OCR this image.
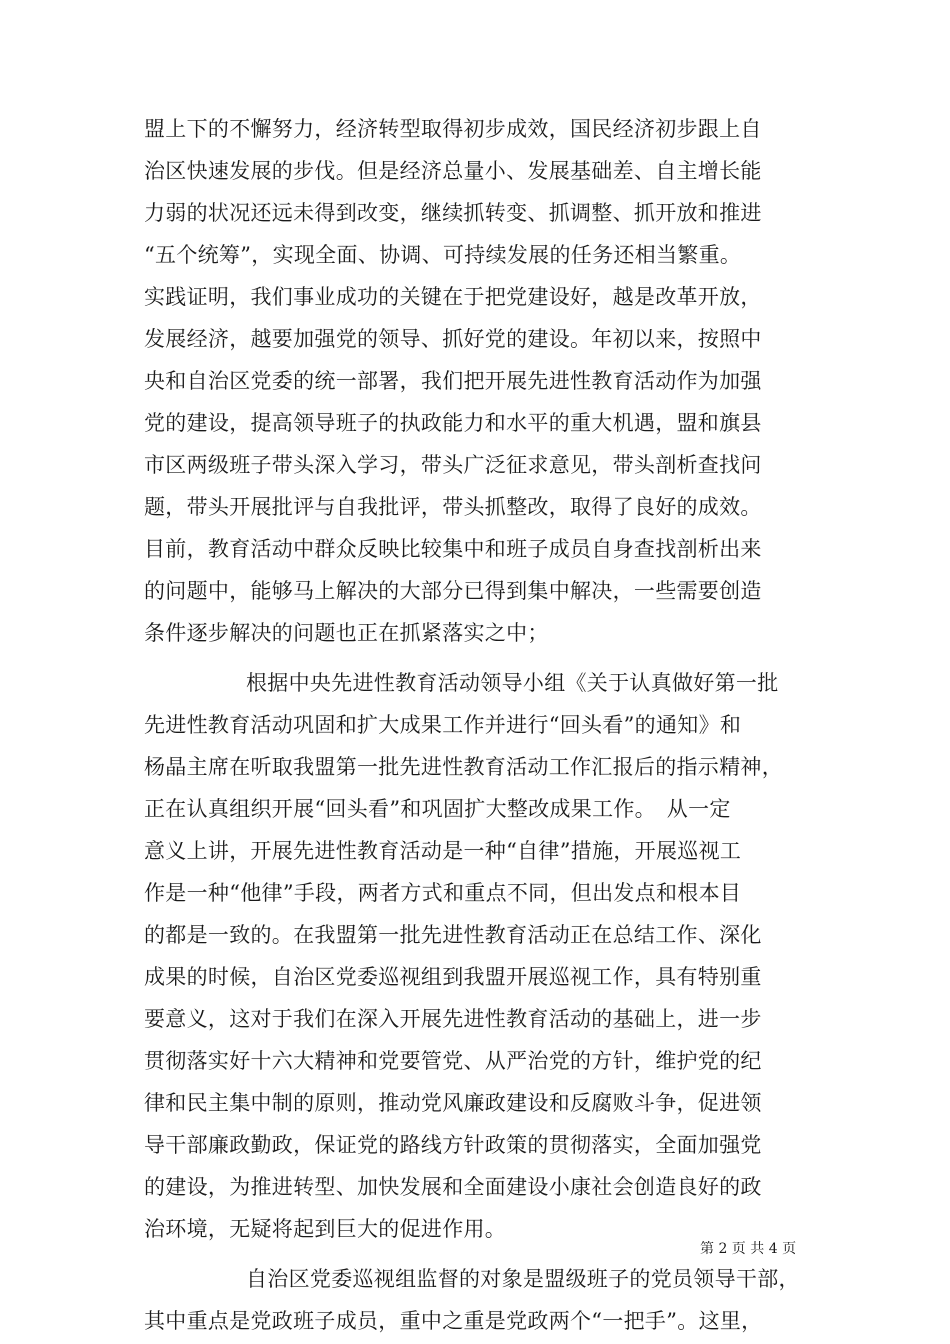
盟上下的不懈努力，经济转型取得初步成效，国民经济初步跟上自
治区快速发展的步伐。但是经济总量小、发展基础差、自主增长能
力弱的状况还远未得到改变，继续抓转变、抓调整、抓开放和推进
“五个统筹”，实现全面、协调、可持续发展的任务还相当繁重。
实践证明，我们事业成功的关键在于把党建设好，越是改革开放，
发展经济，越要加强党的领导、抓好党的建设。年初以来，按照中
央和自治区党委的统一部署，我们把开展先进性教育活动作为加强
党的建设，提高领导班子的执政能力和水平的重大机遇，盟和旗县
市区两级班子带头深入学习，带头广泛征求意见，带头剖析查找问
题，带头开展批评与自我批评，带头抓整改，取得了良好的成效。
目前，教育活动中群众反映比较集中和班子成员自身查找剖析出来
的问题中，能够马上解决的大部分已得到集中解决，一些需要创造
条件逐步解决的问题也正在抓紧落实之中；
根据中央先进性教育活动领导小组《关于认真做好第一批
先进性教育活动巩固和扩大成果工作并进行“回头看”的通知》和
杨晶主席在听取我盟第一批先进性教育活动工作汇报后的指示精神，
正在认真组织开展“回头看”和巩固扩大整改成果工作。　从一定
意义上讲，开展先进性教育活动是一种“自律”措施，开展巡视工
作是一种“他律”手段，两者方式和重点不同，但出发点和根本目
的都是一致的。在我盟第一批先进性教育活动正在总结工作、深化
成果的时候，自治区党委巡视组到我盟开展巡视工作，具有特别重
要意义，这对于我们在深入开展先进性教育活动的基础上，进一步
贯彻落实好十六大精神和党要管党、从严治党的方针，维护党的纪
律和民主集中制的原则，推动党风廉政建设和反腐败斗争，促进领
导干部廉政勤政，保证党的路线方针政策的贯彻落实，全面加强党
的建设，为推进转型、加快发展和全面建设小康社会创造良好的政
治环境，无疑将起到巨大的促进作用。
自治区党委巡视组监督的对象是盟级班子的党员领导干部，
其中重点是党政班子成员，重中之重是党政两个“一把手”。这里，
第 2 页 共 4 页
